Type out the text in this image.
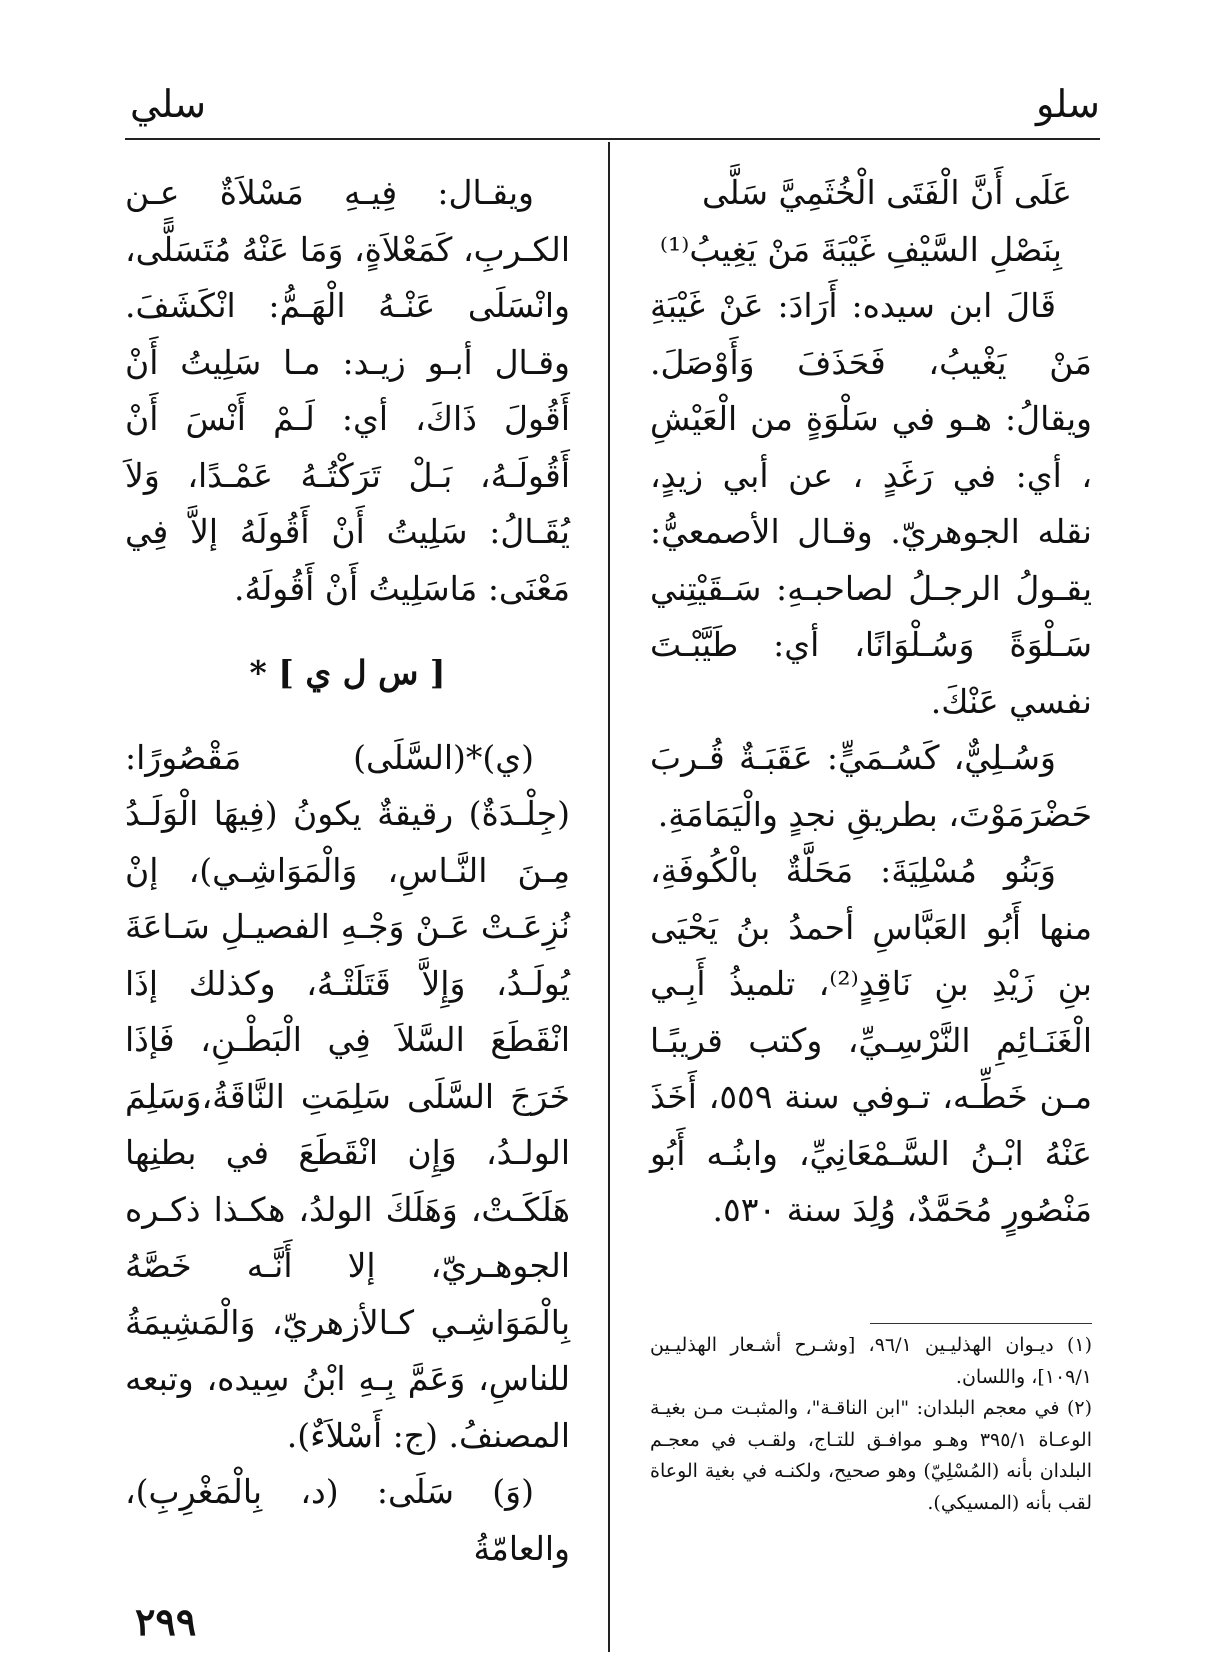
سلو
سلي

عَلَى أَنَّ الْفَتَى الْخُثَمِيَّ سَلَّى

بِنَصْلِ السَّيْفِ غَيْبَةَ مَنْ يَغِيبُ⁽¹⁾

قَالَ ابن سيده: أَرَادَ: عَنْ غَيْبَةِ مَنْ يَغْيبُ، فَحَذَفَ وَأَوْصَلَ. ويقالُ: هـو في سَلْوَةٍ من الْعَيْشِ ، أي: في رَغَدٍ ، عن أبي زيدٍ، نقله الجوهريّ. وقـال الأصمعيُّ: يقـولُ الرجـلُ لصاحبـهِ: سَـقَيْتِني سَـلْوَةً وَسُـلْوَانًا، أي: طَيَّبْـتَ نفسي عَنْكَ.

وَسُـلِيٌّ، كَسُـمَيٍّ: عَقَبَـةٌ قُـربَ حَضْرَمَوْتَ، بطريقِ نجدٍ والْيَمَامَةِ.

وَبَنُو مُسْلِيَةَ: مَحَلَّةٌ بالْكُوفَةِ، منها أَبُو العَبَّاسِ أحمدُ بنُ يَحْيَى بنِ زَيْدِ بنِ نَاقِدٍ⁽²⁾، تلميذُ أَبِـي الْغَنَـائِمِ النَّرْسِـيِّ، وكتب قريبًـا مـن خَطِّـه، تـوفي سنة ٥٥٩، أَخَذَ عَنْهُ ابْـنُ السَّـمْعَانِيِّ، وابنُـه أَبُو مَنْصُورٍ مُحَمَّدٌ، وُلِدَ سنة ٥٣٠.

(١) ديـوان الهذليـين ٩٦/١، [وشـرح أشـعار الهذليـين ١٠٩/١]، واللسان.

(٢) في معجم البلدان: "ابن الناقـة"، والمثبـت مـن بغيـة الوعـاة ٣٩٥/١ وهـو موافـق للتـاج، ولقـب في معجـم البلدان بأنه (المُسْلِيّ) وهو صحيح، ولكنـه في بغية الوعاة لقب بأنه (المسيكي).

ويقـال: فِيـهِ مَسْلاَةٌ عـن الكـربِ، كَمَعْلاَةٍ، وَمَا عَنْهُ مُتَسَلًّى، وانْسَلَى عَنْـهُ الْهَـمُّ: انْكَشَفَ. وقـال أبـو زيـد: مـا سَلِيتُ أَنْ أَقُولَ ذَاكَ، أي: لَـمْ أَنْسَ أَنْ أَقُولَـهُ، بَـلْ تَرَكْتُـهُ عَمْـدًا، وَلاَ يُقَـالُ: سَلِيتُ أَنْ أَقُولَهُ إلاَّ فِي مَعْنَى: مَاسَلِيتُ أَنْ أَقُولَهُ.

[ س ل ي ] *

(ي)*(السَّلَى) مَقْصُورًا: (جِلْـدَةٌ) رقيقةٌ يكونُ (فِيهَا الْوَلَـدُ مِـنَ النَّـاسِ، وَالْمَوَاشِـي)، إنْ نُزِعَـتْ عَـنْ وَجْـهِ الفصيـلِ سَـاعَةَ يُولَـدُ، وَإِلاَّ قَتَلَتْـهُ، وكذلك إذَا انْقَطَعَ السَّلاَ فِي الْبَطْـنِ، فَإذَا خَرَجَ السَّلَى سَلِمَتِ النَّاقَةُ،وَسَلِمَ الولـدُ، وَإِن انْقَطَعَ في بطنِها هَلَكَـتْ، وَهَلَكَ الولدُ، هكـذا ذكـره الجوهـريّ، إلا أَنَّـه خَصَّهُ بِالْمَوَاشِـي كـالأزهريّ، وَالْمَشِيمَةُ للناسِ، وَعَمَّ بِـهِ ابْنُ سِيده، وتبعه المصنفُ. (ج: أَسْلاَءٌ).

(وَ) سَلَى: (د، بِالْمَغْرِبِ)، والعامّةُ

٢٩٩
